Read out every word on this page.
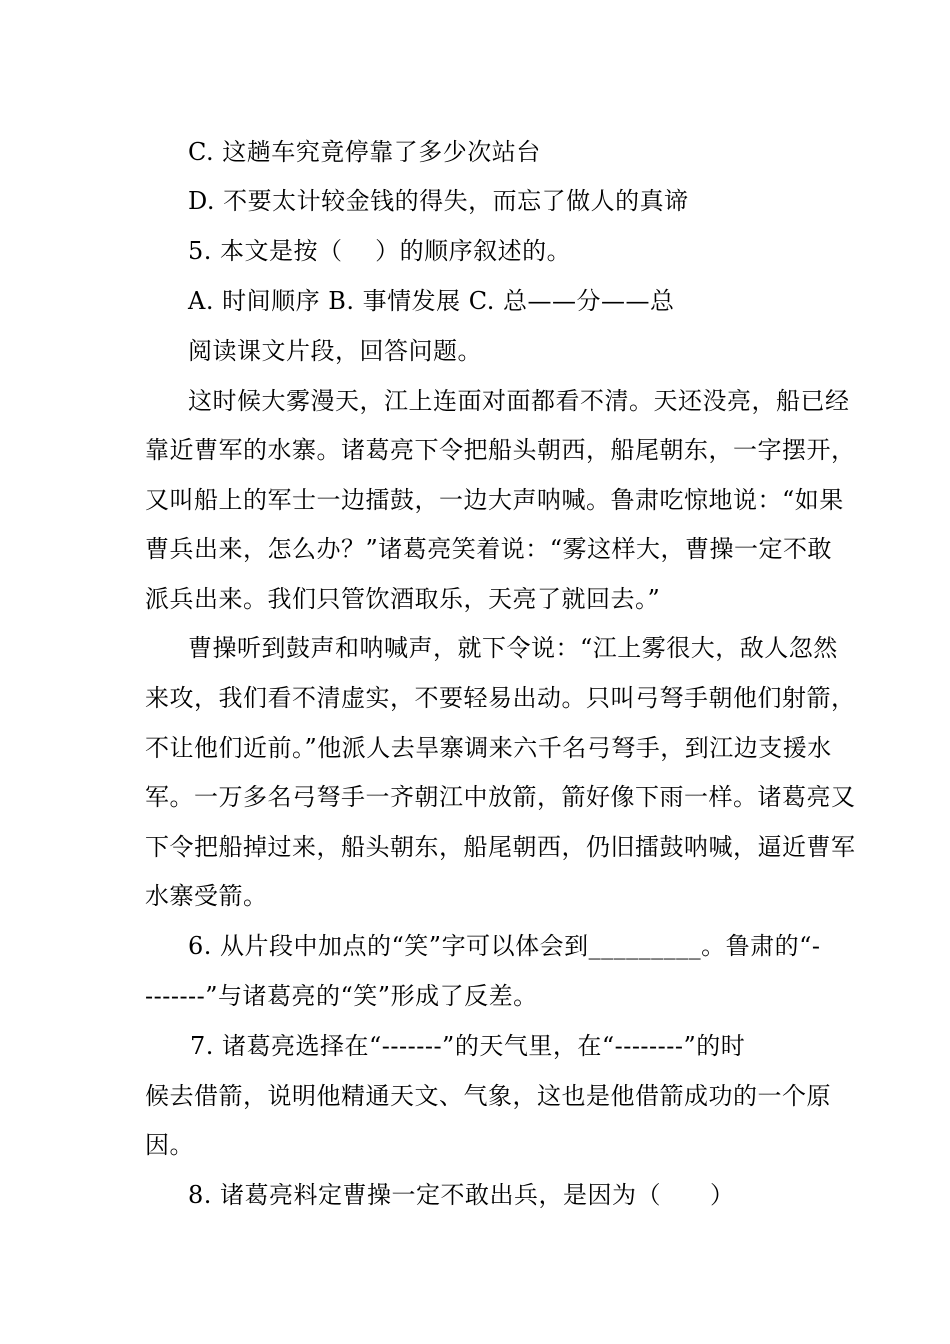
C. 这趟车究竟停靠了多少次站台
D. 不要太计较金钱的得失，而忘了做人的真谛
5. 本文是按（　 ）的顺序叙述的。
A. 时间顺序 B. 事情发展 C. 总——分——总
阅读课文片段，回答问题。
这时候大雾漫天，江上连面对面都看不清。天还没亮，船已经
靠近曹军的水寨。诸葛亮下令把船头朝西，船尾朝东，一字摆开，
又叫船上的军士一边擂鼓，一边大声呐喊。鲁肃吃惊地说：“如果
曹兵出来，怎么办？”诸葛亮笑着说：“雾这样大，曹操一定不敢
派兵出来。我们只管饮酒取乐，天亮了就回去。”
曹操听到鼓声和呐喊声，就下令说：“江上雾很大，敌人忽然
来攻，我们看不清虚实，不要轻易出动。只叫弓弩手朝他们射箭，
不让他们近前。”他派人去旱寨调来六千名弓弩手，到江边支援水
军。一万多名弓弩手一齐朝江中放箭，箭好像下雨一样。诸葛亮又
下令把船掉过来，船头朝东，船尾朝西，仍旧擂鼓呐喊，逼近曹军
水寨受箭。
6. 从片段中加点的“笑”字可以体会到_________。鲁肃的“-
-------”与诸葛亮的“笑”形成了反差。
7. 诸葛亮选择在“-------”的天气里，在“--------”的时
候去借箭，说明他精通天文、气象，这也是他借箭成功的一个原
因。
8. 诸葛亮料定曹操一定不敢出兵，是因为（　　）
